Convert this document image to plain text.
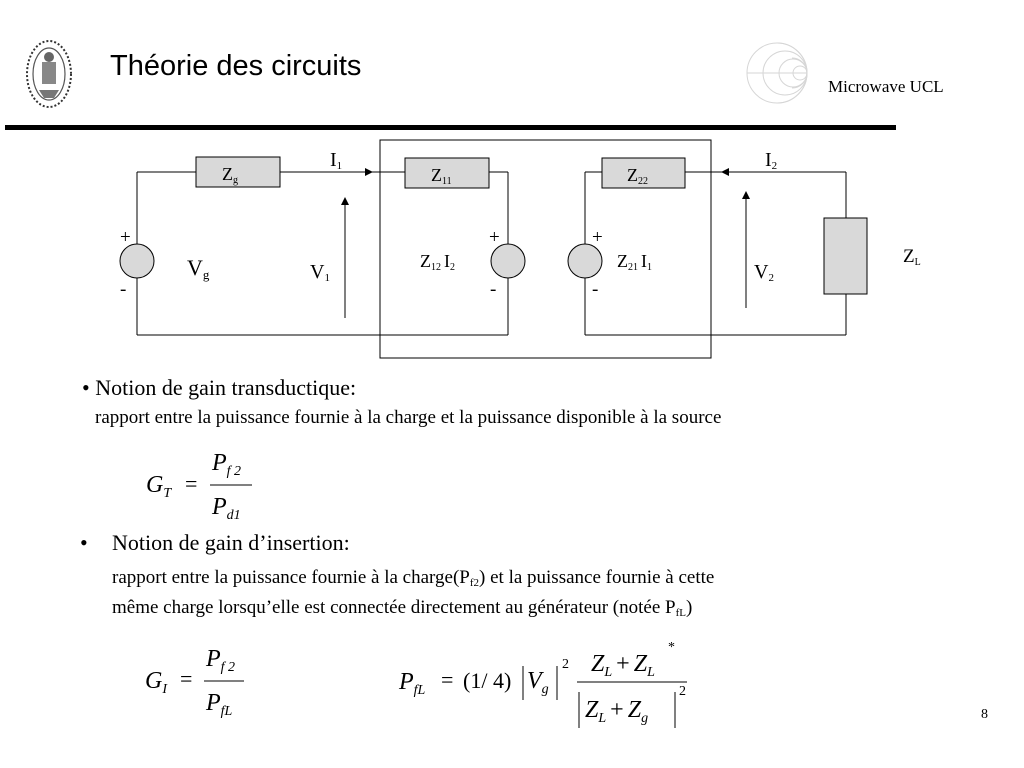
Théorie des circuits
Microwave UCL
Zg	Z11	Z22
I1	I2
Vg	V1	V2
ZL
Z12 I2	Z21 I1
+
-
+
-
+
-
• Notion de gain transductique:
rapport entre la puissance fournie à la charge et la puissance disponible à la source
$G_T$ =
$P_{f 2}$
$P_{d1}$
• Notion de gain d’insertion:
rapport entre la puissance fournie à la $charge(P_{f2})$ et la puissance fournie à cette
même charge lorsqu’elle est connectée directement au générateur (notée $P_{fL}$)
$G_I$ =
$P_{f 2}$
$P_{fL}$
$P_{fL} = (1/$ 4) $V_g$
2 $Z_L + Z_L$
*
$Z_L + Z_g$
2
8
